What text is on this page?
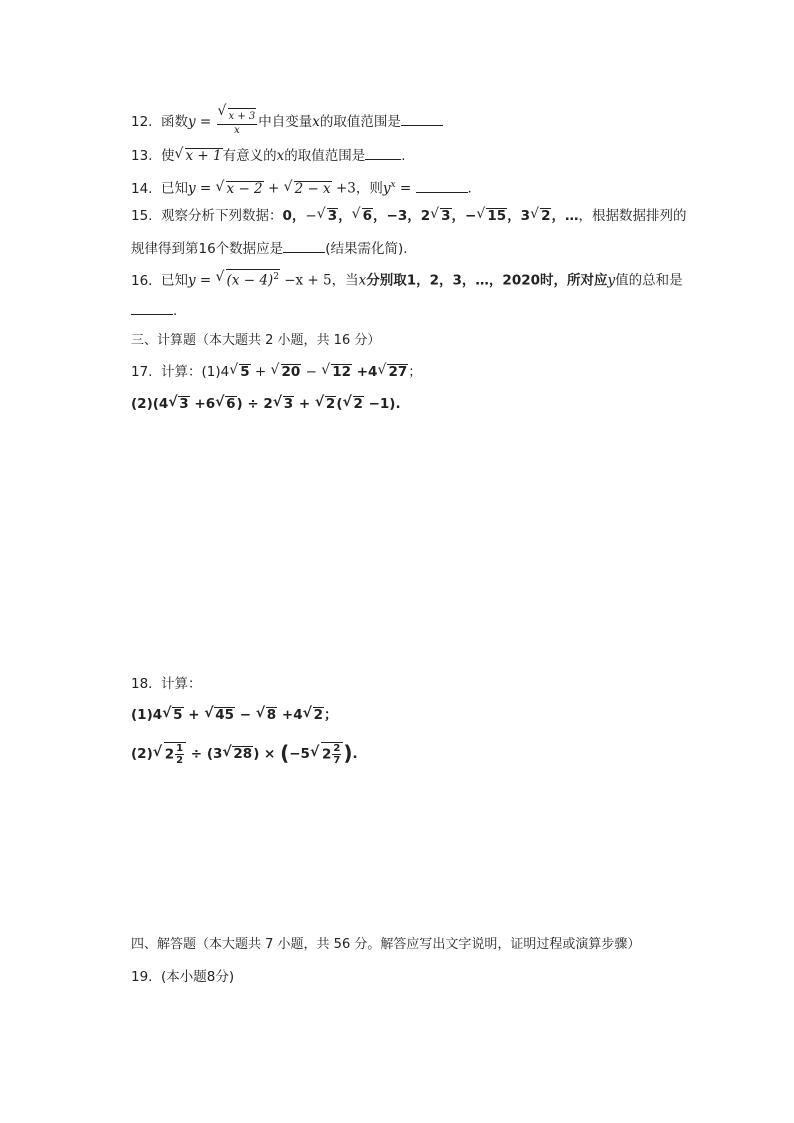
12. 函数y =
√ $\frac{x + 3}{x}$ 中自变量x的取值范围是
13. 使√ x + 1有意义的x的取值范围是	.
14. 已知y = √ x − 2 + √ 2 − x +3，则$y^x$ =	.
15. 观察分析下列数据：0，−√ 3，√ 6，−3，2√ 3，−√ 15，3√ 2，…，根据数据排列的
规律得到第16个数据应是	(结果需化简).
16. 已知y = √ $(x - 4)^2 -x + 5$，当x分别取1，2，3，…，2020时，所对应y值的总和是
.
三、计算题（本大题共 2 小题，共 16 分）
17. 计算：(1)4√ 5 + √ 20 − √ 12 +4√ 27；
(2)(4√ 3 +6√ 6) ÷ 2√ 3 + √ 2(√ 2 −1).
18. 计算：
(1)4√ 5 + √ 45 − √ 8 +4√ 2；
(2)√ $2 \frac{1}{2} \div (3√$ 28) × (−5√ $2 \frac{2}{7}$ ).
四、解答题（本大题共 7 小题，共 56 分。解答应写出文字说明，证明过程或演算步骤）
19. (本小题8分)
